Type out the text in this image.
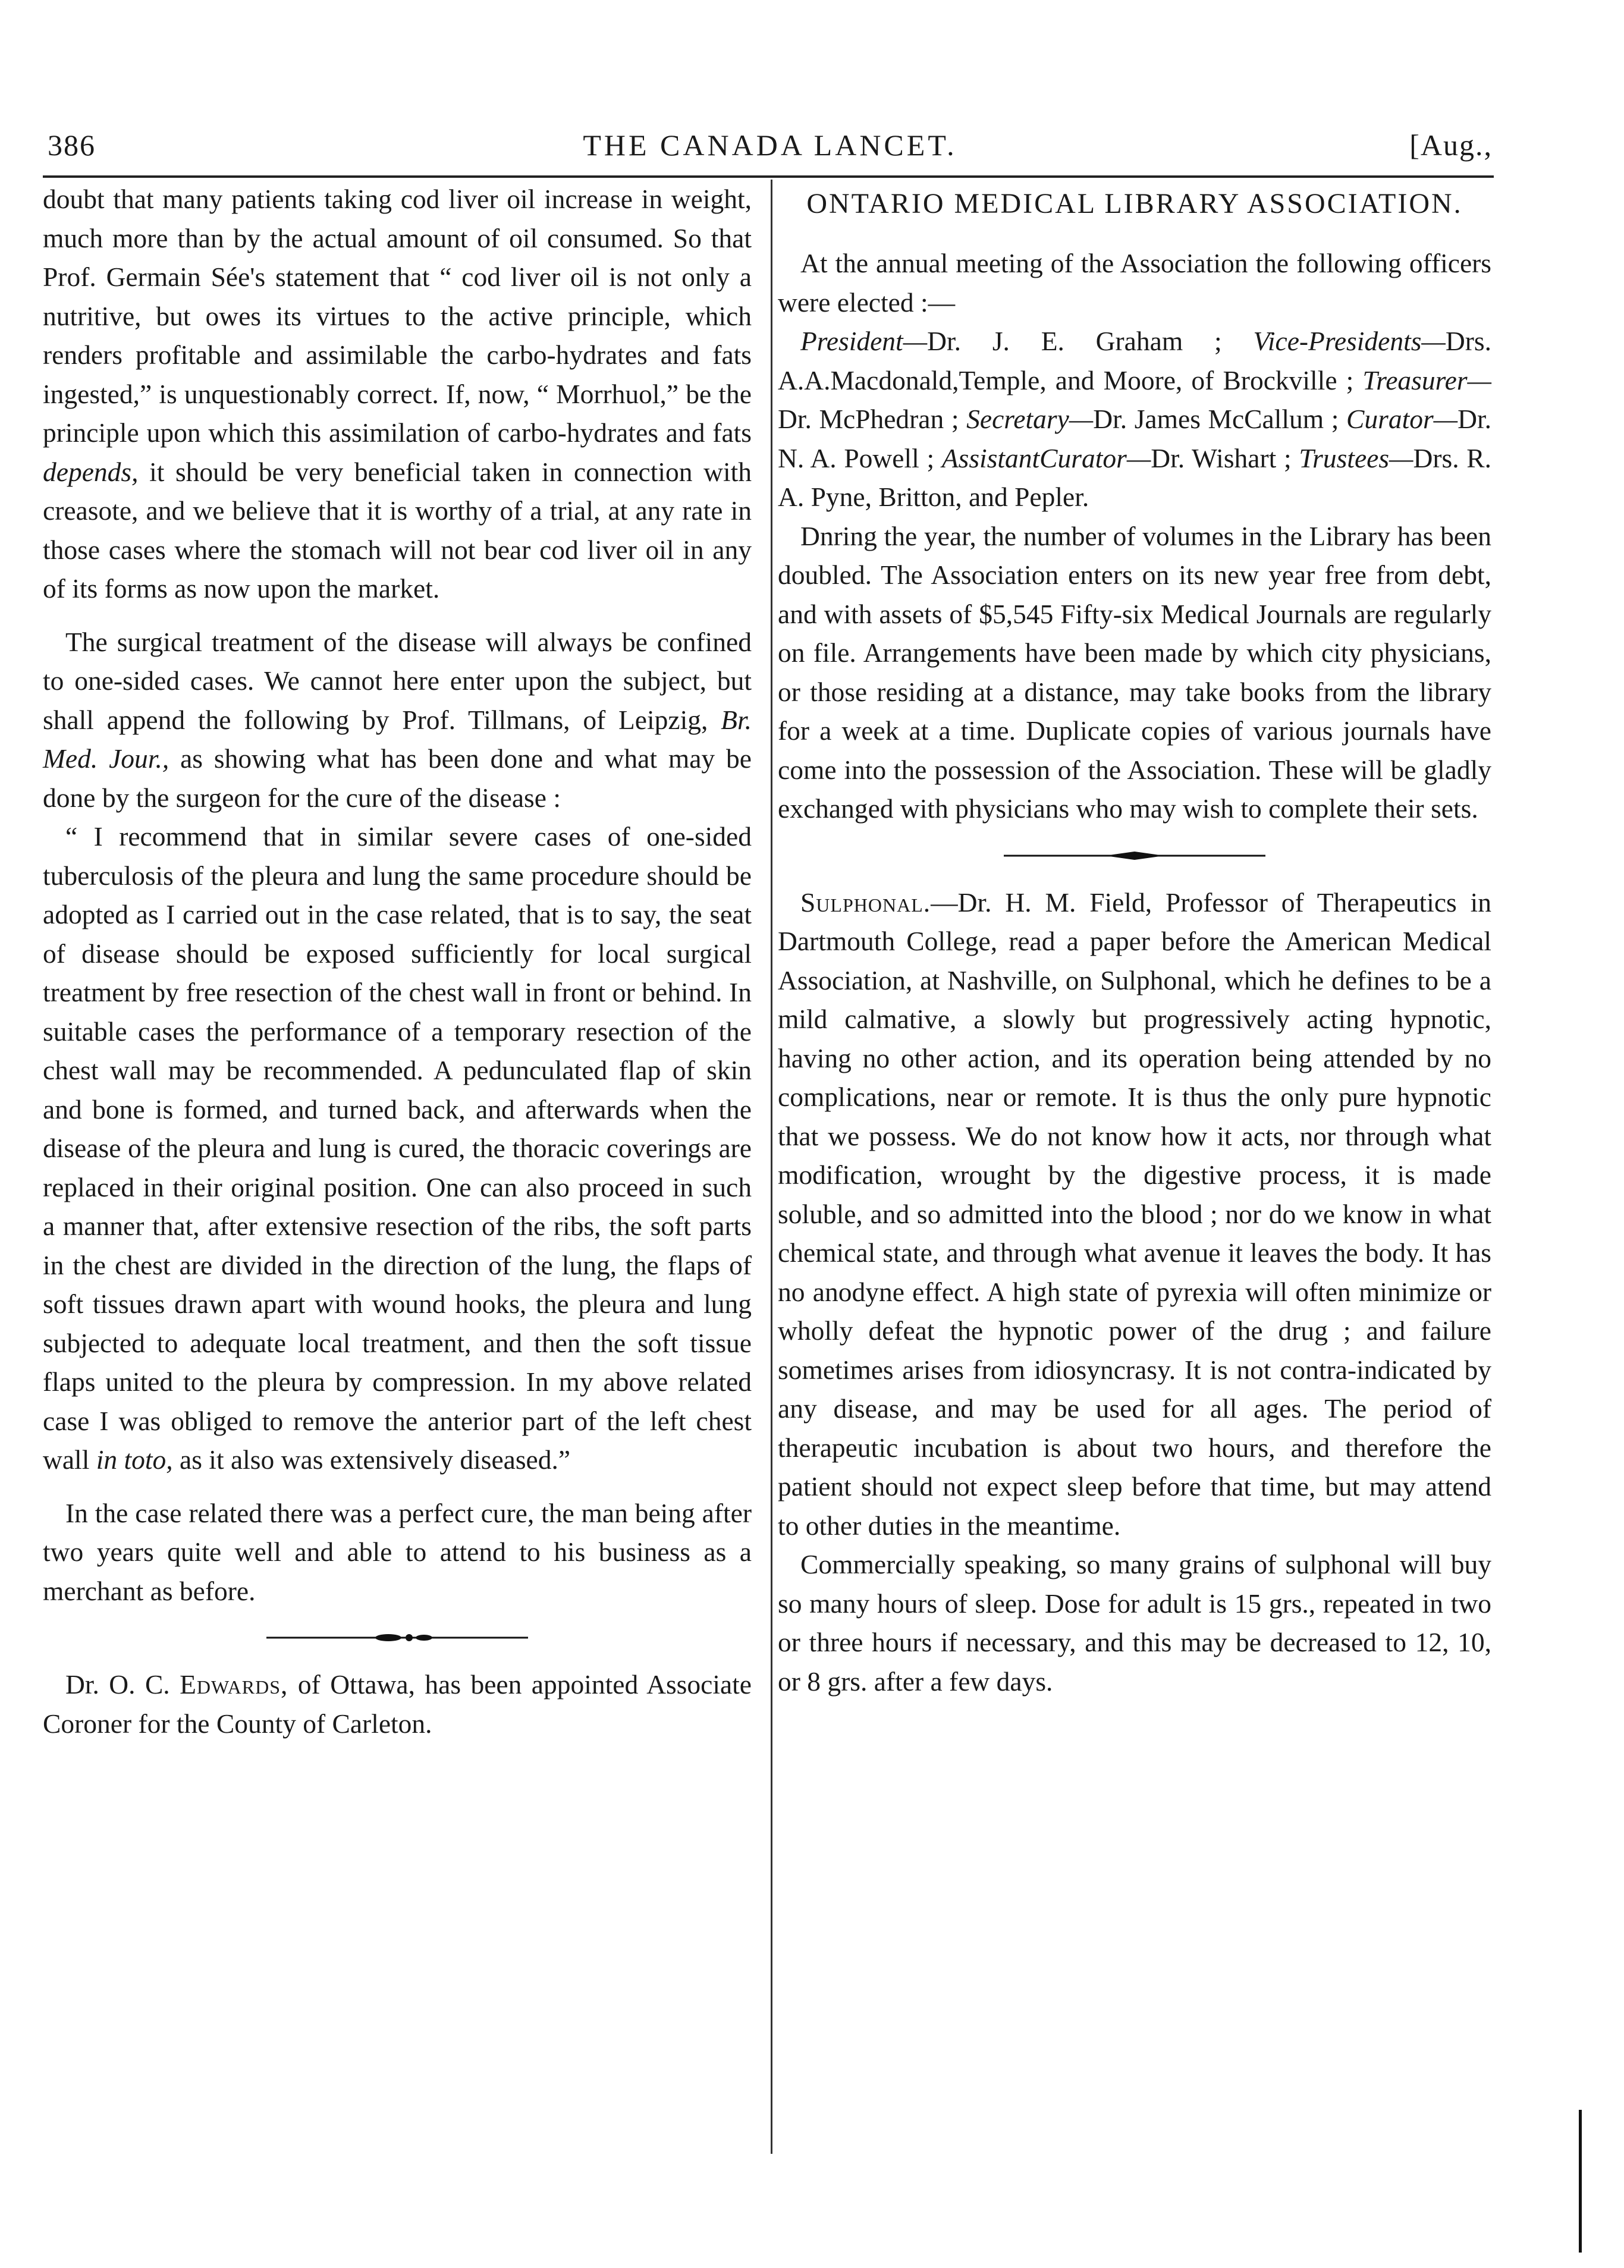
386	THE CANADA LANCET.	[Aug.,

doubt that many patients taking cod liver oil increase in weight, much more than by the actual amount of oil consumed. So that Prof. Germain Sée's statement that “ cod liver oil is not only a nutritive, but owes its virtues to the active principle, which renders profitable and assimilable the carbo-hydrates and fats ingested,” is unquestionably correct. If, now, “ Morrhuol,” be the principle upon which this assimilation of carbo-hydrates and fats depends, it should be very beneficial taken in connection with creasote, and we believe that it is worthy of a trial, at any rate in those cases where the stomach will not bear cod liver oil in any of its forms as now upon the market.

The surgical treatment of the disease will always be confined to one-sided cases. We cannot here enter upon the subject, but shall append the following by Prof. Tillmans, of Leipzig, Br. Med. Jour., as showing what has been done and what may be done by the surgeon for the cure of the disease :

“ I recommend that in similar severe cases of one-sided tuberculosis of the pleura and lung the same procedure should be adopted as I carried out in the case related, that is to say, the seat of disease should be exposed sufficiently for local surgical treatment by free resection of the chest wall in front or behind. In suitable cases the performance of a temporary resection of the chest wall may be recommended. A pedunculated flap of skin and bone is formed, and turned back, and afterwards when the disease of the pleura and lung is cured, the thoracic coverings are replaced in their original position. One can also proceed in such a manner that, after extensive resection of the ribs, the soft parts in the chest are divided in the direction of the lung, the flaps of soft tissues drawn apart with wound hooks, the pleura and lung subjected to adequate local treatment, and then the soft tissue flaps united to the pleura by compression. In my above related case I was obliged to remove the anterior part of the left chest wall in toto, as it also was extensively diseased.”

In the case related there was a perfect cure, the man being after two years quite well and able to attend to his business as a merchant as before.

Dr. O. C. Edwards, of Ottawa, has been appointed Associate Coroner for the County of Carleton.

ONTARIO MEDICAL LIBRARY ASSOCIATION.

At the annual meeting of the Association the following officers were elected :—

President—Dr. J. E. Graham ; Vice-Presidents—Drs. A.A.Macdonald,Temple, and Moore, of Brockville ; Treasurer—Dr. McPhedran ; Secretary—Dr. James McCallum ; Curator—Dr. N. A. Powell ; AssistantCurator—Dr. Wishart ; Trustees—Drs. R. A. Pyne, Britton, and Pepler.

Dnring the year, the number of volumes in the Library has been doubled. The Association enters on its new year free from debt, and with assets of $5,545 Fifty-six Medical Journals are regularly on file. Arrangements have been made by which city physicians, or those residing at a distance, may take books from the library for a week at a time. Duplicate copies of various journals have come into the possession of the Association. These will be gladly exchanged with physicians who may wish to complete their sets.

Sulphonal.—Dr. H. M. Field, Professor of Therapeutics in Dartmouth College, read a paper before the American Medical Association, at Nashville, on Sulphonal, which he defines to be a mild calmative, a slowly but progressively acting hypnotic, having no other action, and its operation being attended by no complications, near or remote. It is thus the only pure hypnotic that we possess. We do not know how it acts, nor through what modification, wrought by the digestive process, it is made soluble, and so admitted into the blood ; nor do we know in what chemical state, and through what avenue it leaves the body. It has no anodyne effect. A high state of pyrexia will often minimize or wholly defeat the hypnotic power of the drug ; and failure sometimes arises from idiosyncrasy. It is not contra-indicated by any disease, and may be used for all ages. The period of therapeutic incubation is about two hours, and therefore the patient should not expect sleep before that time, but may attend to other duties in the meantime.

Commercially speaking, so many grains of sulphonal will buy so many hours of sleep. Dose for adult is 15 grs., repeated in two or three hours if necessary, and this may be decreased to 12, 10, or 8 grs. after a few days.
